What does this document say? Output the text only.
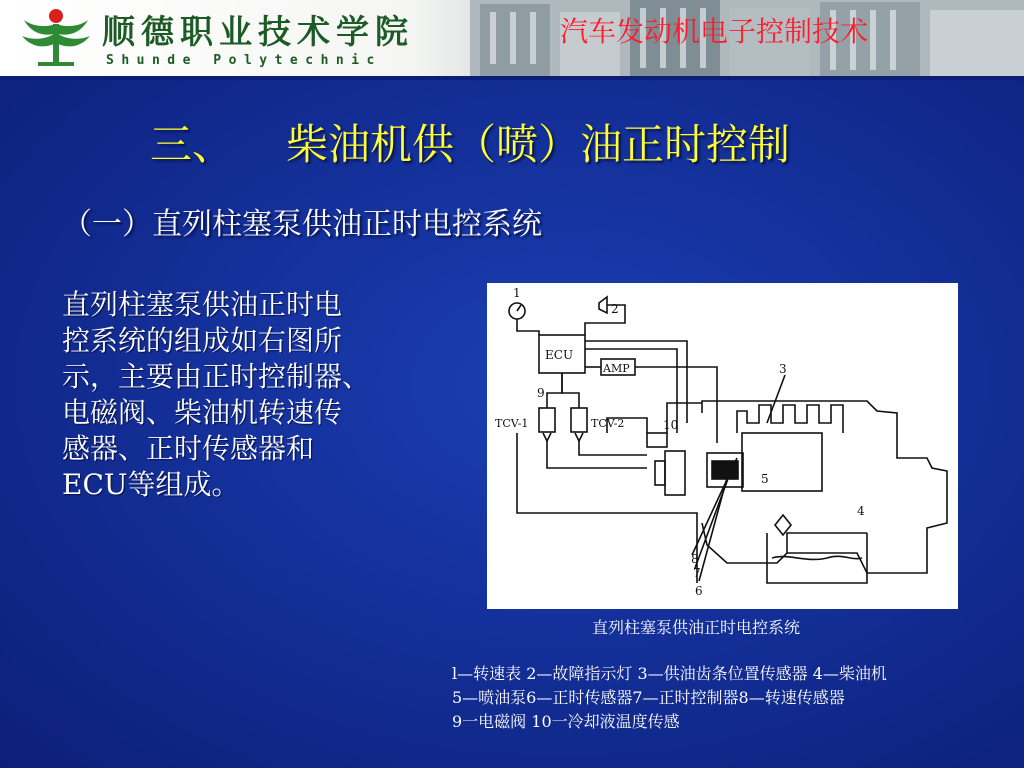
顺德职业技术学院
Shunde Polytechnic
汽车发动机电子控制技术
三、 柴油机供（喷）油正时控制
（一）直列柱塞泵供油正时电控系统
直列柱塞泵供油正时电
控系统的组成如右图所
示，主要由正时控制器、
电磁阀、柴油机转速传
感器、正时传感器和
ECU等组成。
1
2
ECU
AMP	3
9
TCV-1	TCV-2	10
5
4
8
7
6
直列柱塞泵供油正时电控系统
l—转速表 2—故障指示灯 3—供油齿条位置传感器 4—柴油机
5—喷油泵6—正时传感器7—正时控制器8—转速传感器
9一电磁阀 10一冷却液温度传感
